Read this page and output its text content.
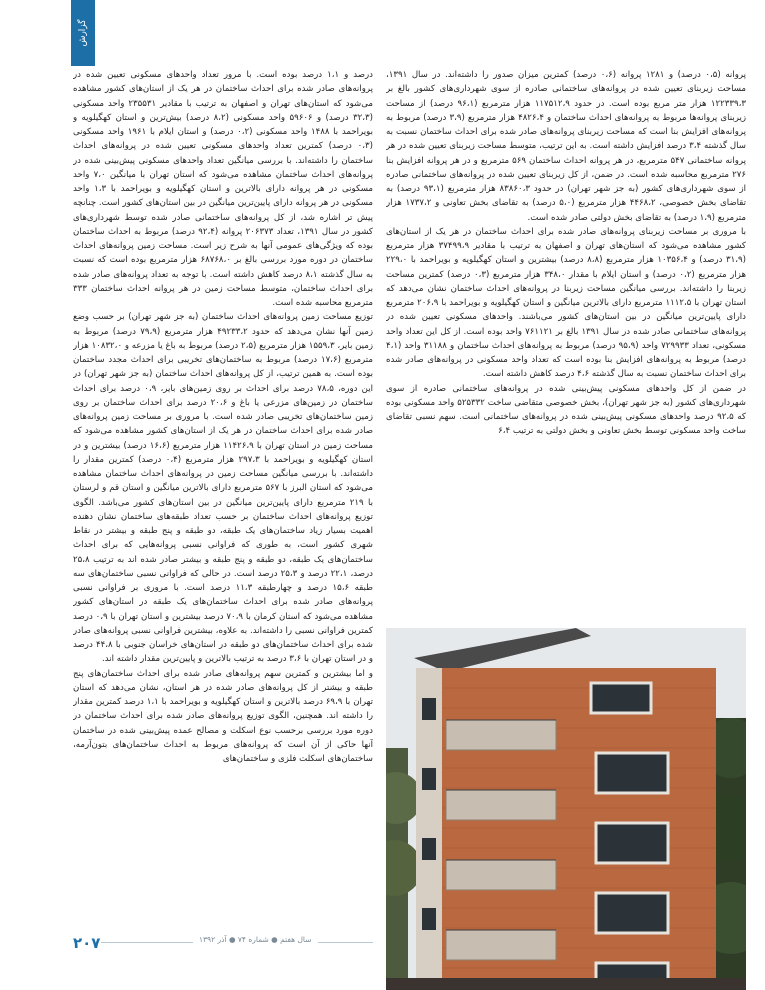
گزارش

پروانه (۰،۵ درصد) و ۱۲۸۱ پروانه (۰،۶ درصد) کمترین میزان صدور را داشته‌اند. در سال ۱۳۹۱، مساحت زیربنای تعیین شده در پروانه‌های ساختمانی صادره از سوی شهرداری‌های کشور بالغ بر ۱۲۲۳۳۹،۳ هزار متر مربع بوده است. در حدود ۱۱۷۵۱۲،۹ هزار مترمربع (۹۶،۱ درصد) از مساحت زیربنای پروانه‌ها مربوط به پروانه‌های احداث ساختمان و ۴۸۲۶،۴ هزار مترمربع (۳،۹ درصد) مربوط به پروانه‌های افزایش بنا است که مساحت زیربنای پروانه‌های صادر شده برای احداث ساختمان نسبت به سال گذشته ۳،۴ درصد افزایش داشته است. به این ترتیب، متوسط مساحت زیربنای تعیین شده در هر پروانه ساختمانی ۵۴۷ مترمربع، در هر پروانه احداث ساختمان ۵۶۹ مترمربع و در هر پروانه افزایش بنا ۲۷۶ مترمربع محاسبه شده است. در ضمن، از کل زیربنای تعیین شده در پروانه‌های ساختمانی صادره از سوی شهرداری‌های کشور (به جز شهر تهران) در حدود ۸۳۸۶۰،۳ هزار مترمربع (۹۳،۱ درصد) به تقاضای بخش خصوصی، ۴۴۶۸،۲ هزار مترمربع (۵،۰ درصد) به تقاضای بخش تعاونی و ۱۷۳۷،۲ هزار مترمربع (۱،۹ درصد) به تقاضای بخش دولتی صادر شده است.

با مروری بر مساحت زیربنای پروانه‌های صادر شده برای احداث ساختمان در هر یک از استان‌های کشور مشاهده می‌شود که استان‌های تهران و اصفهان به ترتیب با مقادیر ۳۷۴۹۹،۹ هزار مترمربع (۳۱،۹ درصد) و ۱۰۳۵۶،۴ هزار مترمربع (۸،۸ درصد) بیشترین و استان کهگیلویه و بویراحمد با ۲۲۹،۰ هزار مترمربع (۰،۲ درصد) و استان ایلام با مقدار ۳۴۸،۰ هزار مترمربع (۰،۳ درصد) کمترین مساحت زیربنا را داشته‌اند. بررسی میانگین مساحت زیربنا در پروانه‌های احداث ساختمان نشان می‌دهد که استان تهران با ۱۱۱۲،۵ مترمربع دارای بالاترین میانگین و استان کهگیلویه و بویراحمد با ۲۰۶،۹ مترمربع دارای پایین‌ترین میانگین در بین استان‌های کشور می‌باشند. واحدهای مسکونی تعیین شده در پروانه‌های ساختمانی صادر شده در سال ۱۳۹۱ بالغ بر ۷۶۱۱۲۱ واحد بوده است. از کل این تعداد واحد مسکونی، تعداد ۷۲۹۹۳۳ واحد (۹۵،۹ درصد) مربوط به پروانه‌های احداث ساختمان و ۳۱۱۸۸ واحد (۴،۱ درصد) مربوط به پروانه‌های افزایش بنا بوده است که تعداد واحد مسکونی در پروانه‌های صادر شده برای احداث ساختمان نسبت به سال گذشته ۴،۶ درصد کاهش داشته است.

در ضمن از کل واحدهای مسکونی پیش‌بینی شده در پروانه‌های ساختمانی صادره از سوی شهرداری‌های کشور (به جز شهر تهران)، بخش خصوصی متقاضی ساخت ۵۲۵۳۳۲ واحد مسکونی بوده که ۹۲،۵ درصد واحدهای مسکونی پیش‌بینی شده در پروانه‌های ساختمانی است. سهم نسبی تقاضای ساخت واحد مسکونی توسط بخش تعاونی و بخش دولتی به ترتیب ۶،۴

درصد و ۱،۱ درصد بوده است. با مرور تعداد واحدهای مسکونی تعیین شده در پروانه‌های صادر شده برای احداث ساختمان در هر یک از استان‌های کشور مشاهده می‌شود که استان‌های تهران و اصفهان به ترتیب با مقادیر ۲۳۵۵۳۱ واحد مسکونی (۳۲،۳ درصد) و ۵۹۶۰۶ واحد مسکونی (۸،۲ درصد) بیش‌ترین و استان کهگیلویه و بویراحمد با ۱۴۸۸ واحد مسکونی (۰،۲ درصد) و استان ایلام با ۱۹۶۱ واحد مسکونی (۰،۳ درصد) کمترین تعداد واحدهای مسکونی تعیین شده در پروانه‌های احداث ساختمان را داشته‌اند. با بررسی میانگین تعداد واحدهای مسکونی پیش‌بینی شده در پروانه‌های احداث ساختمان مشاهده می‌شود که استان تهران با میانگین ۷،۰ واحد مسکونی در هر پروانه دارای بالاترین و استان کهگیلویه و بویراحمد با ۱،۳ واحد مسکونی در هر پروانه دارای پایین‌ترین میانگین در بین استان‌های کشور است. چنانچه پیش تر اشاره شد، از کل پروانه‌های ساختمانی صادر شده توسط شهرداری‌های کشور در سال ۱۳۹۱، تعداد ۲۰۶۳۷۳ پروانه (۹۲،۴ درصد) مربوط به احداث ساختمان بوده که ویژگی‌های عمومی آنها به شرح زیر است. مساحت زمین پروانه‌های احداث ساختمان در دوره مورد بررسی بالغ بر ۶۸۷۶۸،۰ هزار مترمربع بوده است که نسبت به سال گذشته ۸،۱ درصد کاهش داشته است. با توجه به تعداد پروانه‌های صادر شده برای احداث ساختمان، متوسط مساحت زمین در هر پروانه احداث ساختمان ۳۳۳ مترمربع محاسبه شده است.

توزیع مساحت زمین پروانه‌های احداث ساختمان (به جز شهر تهران) بر حسب وضع زمین آنها نشان می‌دهد که حدود ۴۹۲۳۳،۲ هزار مترمربع (۷۹،۹ درصد) مربوط به زمین بایر، ۱۵۵۹،۳ هزار مترمربع (۲،۵ درصد) مربوط به باغ یا مزرعه و ۱۰۸۳۲،۰ هزار مترمربع (۱۷،۶ درصد) مربوط به ساختمان‌های تخریبی برای احداث مجدد ساختمان بوده است. به همین ترتیب، از کل پروانه‌های احداث ساختمان (به جز شهر تهران) در این دوره، ۷۸،۵ درصد برای احداث بر روی زمین‌های بایر، ۰،۹ درصد برای احداث ساختمان در زمین‌های مزرعی یا باغ و ۲۰،۶ درصد برای احداث ساختمان بر روی زمین ساختمان‌های تخریبی صادر شده است. با مروری بر مساحت زمین پروانه‌های صادر شده برای احداث ساختمان در هر یک از استان‌های کشور مشاهده می‌شود که مساحت زمین در استان تهران با ۱۱۴۲۶،۹ هزار مترمربع (۱۶،۶ درصد) بیشترین و در استان کهگیلویه و بویراحمد با ۲۹۷،۳ هزار مترمربع (۰،۴ درصد) کمترین مقدار را داشته‌اند. با بررسی میانگین مساحت زمین در پروانه‌های احداث ساختمان مشاهده می‌شود که استان البرز با ۵۶۷ مترمربع دارای بالاترین میانگین و استان قم و لرستان با ۲۱۹ مترمربع دارای پایین‌ترین میانگین در بین استان‌های کشور می‌باشد. الگوی توزیع پروانه‌های احداث ساختمان بر حسب تعداد طبقه‌های ساختمان نشان دهنده اهمیت بسیار زیاد ساختمان‌های یک طبقه، دو طبقه و پنج طبقه و بیشتر در نقاط شهری کشور است، به طوری که فراوانی نسبی پروانه‌هایی که برای احداث ساختمان‌های یک طبقه، دو طبقه و پنج طبقه و بیشتر صادر شده اند به ترتیب ۲۵،۸ درصد، ۲۲،۱ درصد و ۲۵،۳ درصد است. در حالی که فراوانی نسبی ساختمان‌های سه طبقه ۱۵،۶ درصد و چهارطبقه ۱۱،۳ درصد است. با مروری بر فراوانی نسبی پروانه‌های صادر شده برای احداث ساختمان‌های یک طبقه در استان‌های کشور مشاهده می‌شود که استان کرمان با ۷۰،۹ درصد بیشترین و استان تهران با ۰،۹ درصد کمترین فراوانی نسبی را داشته‌اند. به علاوه، بیشترین فراوانی نسبی پروانه‌های صادر شده برای احداث ساختمان‌های دو طبقه در استان‌های خراسان جنوبی با ۴۴،۸ درصد و در استان تهران با ۳،۶ درصد به ترتیب بالاترین و پایین‌ترین مقدار داشته اند.

و اما بیشترین و کمترین سهم پروانه‌های صادر شده برای احداث ساختمان‌های پنج طبقه و بیشتر از کل پروانه‌های صادر شده در هر استان، نشان می‌دهد که استان تهران با ۶۹،۹ درصد بالاترین و استان کهگیلویه و بویراحمد با ۱،۱ درصد کمترین مقدار را داشته اند. همچنین، الگوی توزیع پروانه‌های صادر شده برای احداث ساختمان در دوره مورد بررسی برحسب نوع اسکلت و مصالح عمده پیش‌بینی شده در ساختمان آنها حاکی از آن است که پروانه‌های مربوط به احداث ساختمان‌های بتون‌آرمه، ساختمان‌های اسکلت فلزی و ساختمان‌های

سال هفتم ● شماره ۷۴ ● آذر ۱۳۹۲
۲۰۷
